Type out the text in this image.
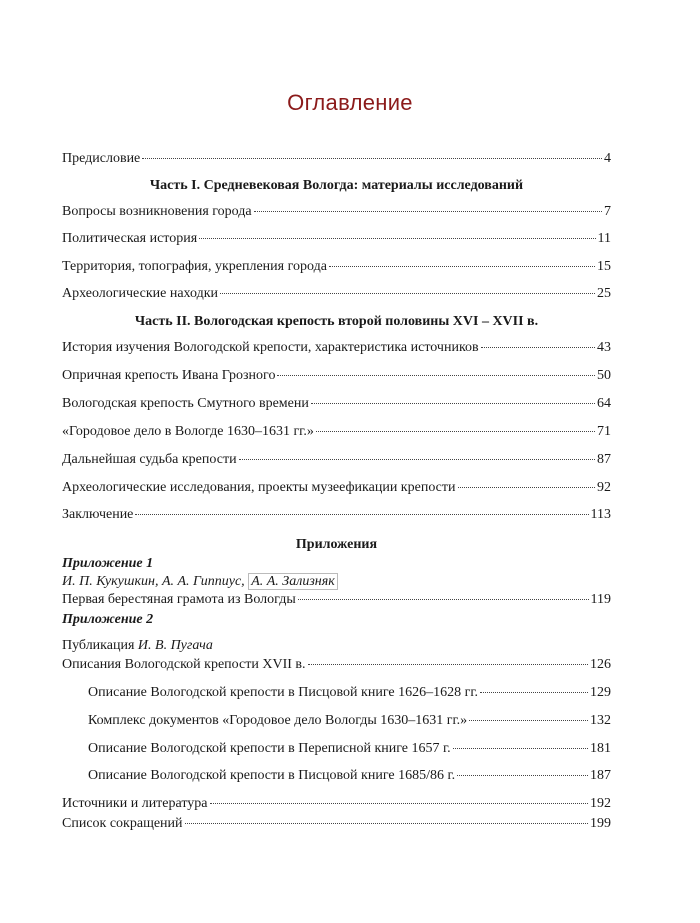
Оглавление
Предисловие	4
Часть I. Средневековая Вологда: материалы исследований
Вопросы возникновения города	7
Политическая история	11
Территория, топография, укрепления города	15
Археологические находки	25
Часть II. Вологодская крепость второй половины XVI – XVII в.
История изучения Вологодской крепости, характеристика источников	43
Опричная крепость Ивана Грозного	50
Вологодская крепость Смутного времени	64
«Городовое дело в Вологде 1630–1631 гг.»	71
Дальнейшая судьба крепости	87
Археологические исследования, проекты музеефикации крепости	92
Заключение	113
Приложения
Приложение 1
И. П. Кукушкин, А. А. Гиппиус, А. А. Зализняк
Первая берестяная грамота из Вологды	119
Приложение 2
Публикация И. В. Пугача
Описания Вологодской крепости XVII в.	126
Описание Вологодской крепости в Писцовой книге 1626–1628 гг.	129
Комплекс документов «Городовое дело Вологды 1630–1631 гг.»	132
Описание Вологодской крепости в Переписной книге 1657 г.	181
Описание Вологодской крепости в Писцовой книге 1685/86 г.	187
Источники и литература	192
Список сокращений	199
